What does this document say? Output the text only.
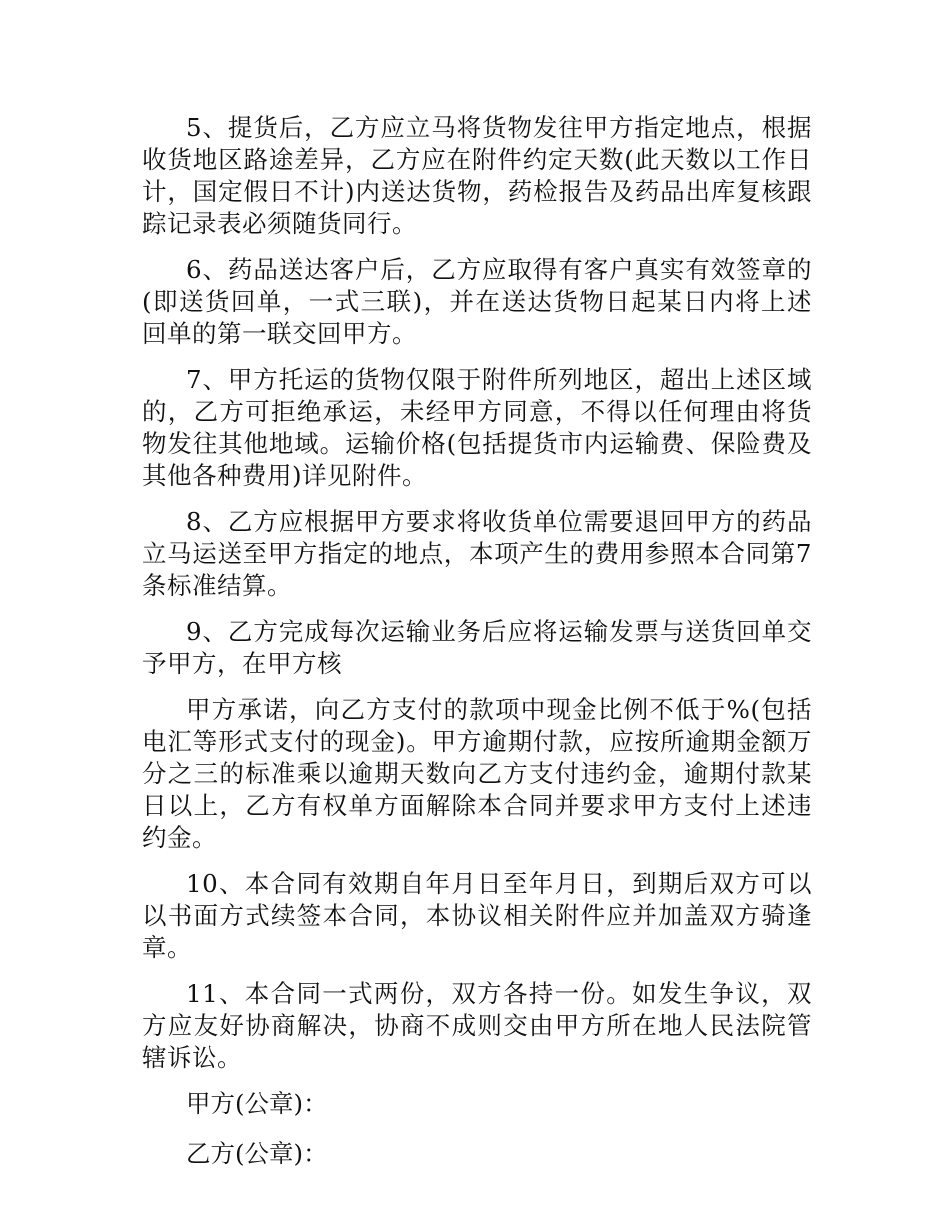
5、提货后，乙方应立马将货物发往甲方指定地点，根据收货地区路途差异，乙方应在附件约定天数(此天数以工作日计，国定假日不计)内送达货物，药检报告及药品出库复核跟踪记录表必须随货同行。

6、药品送达客户后，乙方应取得有客户真实有效签章的(即送货回单，一式三联)，并在送达货物日起某日内将上述回单的第一联交回甲方。

7、甲方托运的货物仅限于附件所列地区，超出上述区域的，乙方可拒绝承运，未经甲方同意，不得以任何理由将货物发往其他地域。运输价格(包括提货市内运输费、保险费及其他各种费用)详见附件。

8、乙方应根据甲方要求将收货单位需要退回甲方的药品立马运送至甲方指定的地点，本项产生的费用参照本合同第7条标准结算。

9、乙方完成每次运输业务后应将运输发票与送货回单交予甲方，在甲方核

甲方承诺，向乙方支付的款项中现金比例不低于%(包括电汇等形式支付的现金)。甲方逾期付款，应按所逾期金额万分之三的标准乘以逾期天数向乙方支付违约金，逾期付款某日以上，乙方有权单方面解除本合同并要求甲方支付上述违约金。

10、本合同有效期自年月日至年月日，到期后双方可以以书面方式续签本合同，本协议相关附件应并加盖双方骑逢章。

11、本合同一式两份，双方各持一份。如发生争议，双方应友好协商解决，协商不成则交由甲方所在地人民法院管辖诉讼。

甲方(公章)：

乙方(公章)：
